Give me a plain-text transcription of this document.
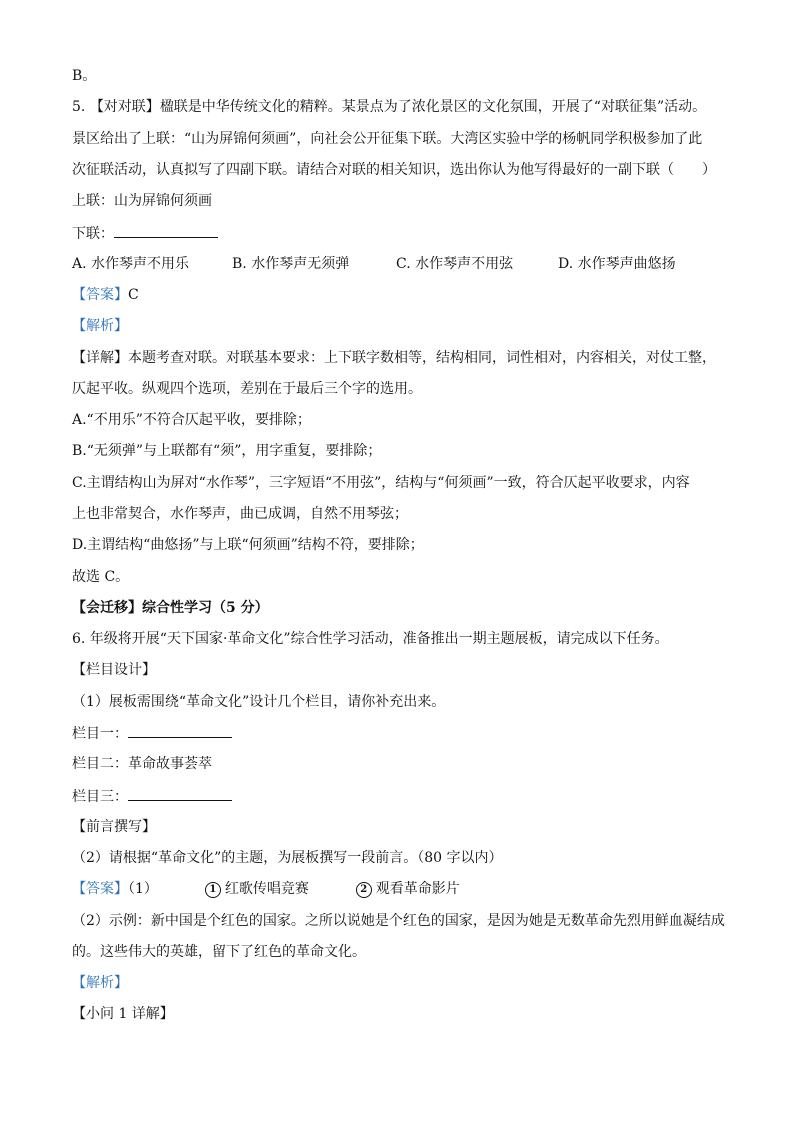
B。
5. 【对对联】楹联是中华传统文化的精粹。某景点为了浓化景区的文化氛围，开展了“对联征集”活动。
景区给出了上联：“山为屏锦何须画”，向社会公开征集下联。大湾区实验中学的杨帆同学积极参加了此
次征联活动，认真拟写了四副下联。请结合对联的相关知识，选出你认为他写得最好的一副下联（　　）
上联：山为屏锦何须画
下联：
A. 水作琴声不用乐	B. 水作琴声无须弹	C. 水作琴声不用弦	D. 水作琴声曲悠扬
【答案】C
【解析】
【详解】本题考查对联。对联基本要求：上下联字数相等，结构相同，词性相对，内容相关，对仗工整，
仄起平收。纵观四个选项，差别在于最后三个字的选用。
A.“不用乐”不符合仄起平收，要排除；
B.“无须弹”与上联都有“须”，用字重复，要排除；
C.主谓结构山为屏对“水作琴”，三字短语“不用弦”，结构与“何须画”一致，符合仄起平收要求，内容
上也非常契合，水作琴声，曲已成调，自然不用琴弦；
D.主谓结构“曲悠扬”与上联“何须画”结构不符，要排除；
故选 C。
【会迁移】综合性学习（5 分）
6. 年级将开展“天下国家·革命文化”综合性学习活动，准备推出一期主题展板，请完成以下任务。
【栏目设计】
（1）展板需围绕“革命文化”设计几个栏目，请你补充出来。
栏目一：
栏目二：革命故事荟萃
栏目三：
【前言撰写】
（2）请根据“革命文化”的主题，为展板撰写一段前言。（80 字以内）
【答案】（1）	1 红歌传唱竞赛	2 观看革命影片
（2）示例：新中国是个红色的国家。之所以说她是个红色的国家，是因为她是无数革命先烈用鲜血凝结成
的。这些伟大的英雄，留下了红色的革命文化。
【解析】
【小问 1 详解】
